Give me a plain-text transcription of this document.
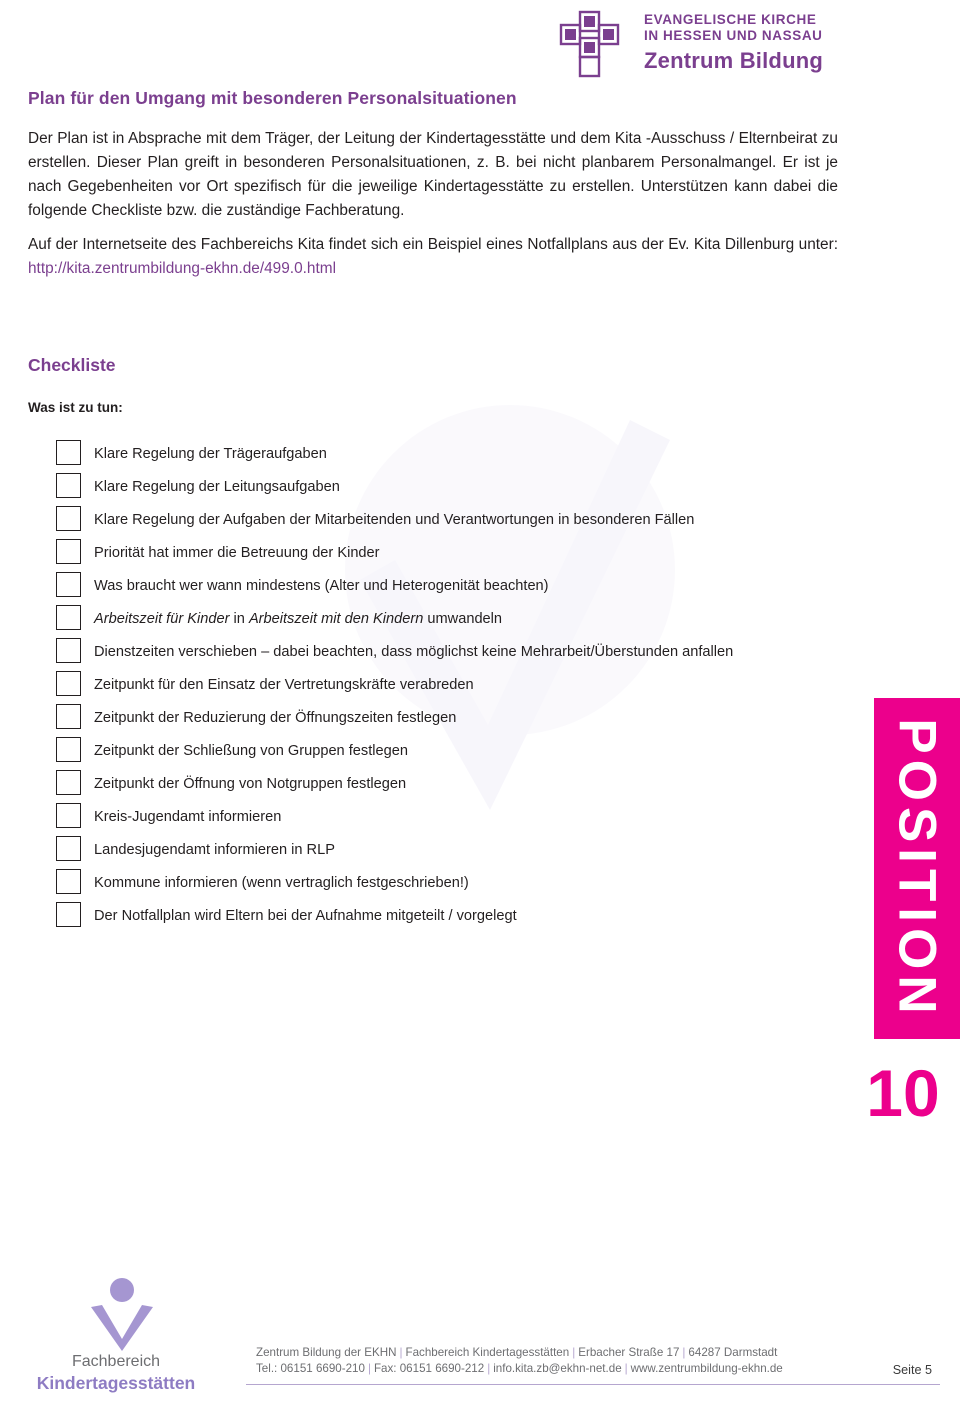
EVANGELISCHE KIRCHE
IN HESSEN UND NASSAU
Zentrum Bildung
Plan für den Umgang mit besonderen Personalsituationen

Der Plan ist in Absprache mit dem Träger, der Leitung der Kindertagesstätte und dem Kita -Ausschuss / Elternbeirat zu erstellen. Dieser Plan greift in besonderen Personalsituationen, z. B. bei nicht planbarem Personalmangel. Er ist je nach Gegebenheiten vor Ort spezifisch für die jeweilige Kindertagesstätte zu erstellen. Unterstützen kann dabei die folgende Checkliste bzw. die zuständige Fachberatung.

Auf der Internetseite des Fachbereichs Kita findet sich ein Beispiel eines Notfallplans aus der Ev. Kita Dillenburg unter: http://kita.zentrumbildung-ekhn.de/499.0.html

Checkliste
Was ist zu tun:
Klare Regelung der Trägeraufgaben
Klare Regelung der Leitungsaufgaben
Klare Regelung der Aufgaben der Mitarbeitenden und Verantwortungen in besonderen Fällen
Priorität hat immer die Betreuung der Kinder
Was braucht wer wann mindestens (Alter und Heterogenität beachten)
Arbeitszeit für Kinder in Arbeitszeit mit den Kindern umwandeln
Dienstzeiten verschieben – dabei beachten, dass möglichst keine Mehrarbeit/Überstunden anfallen
Zeitpunkt für den Einsatz der Vertretungskräfte verabreden
Zeitpunkt der Reduzierung der Öffnungszeiten festlegen
Zeitpunkt der Schließung von Gruppen festlegen
Zeitpunkt der Öffnung von Notgruppen festlegen
Kreis-Jugendamt informieren
Landesjugendamt informieren in RLP
Kommune informieren (wenn vertraglich festgeschrieben!)
Der Notfallplan wird Eltern bei der Aufnahme mitgeteilt / vorgelegt	POSITION
10
Fachbereich
Kindertagesstätten
Zentrum Bildung der EKHN | Fachbereich Kindertagesstätten | Erbacher Straße 17 | 64287 Darmstadt
Tel.: 06151 6690-210 | Fax: 06151 6690-212 | info.kita.zb@ekhn-net.de | www.zentrumbildung-ekhn.de	Seite 5
